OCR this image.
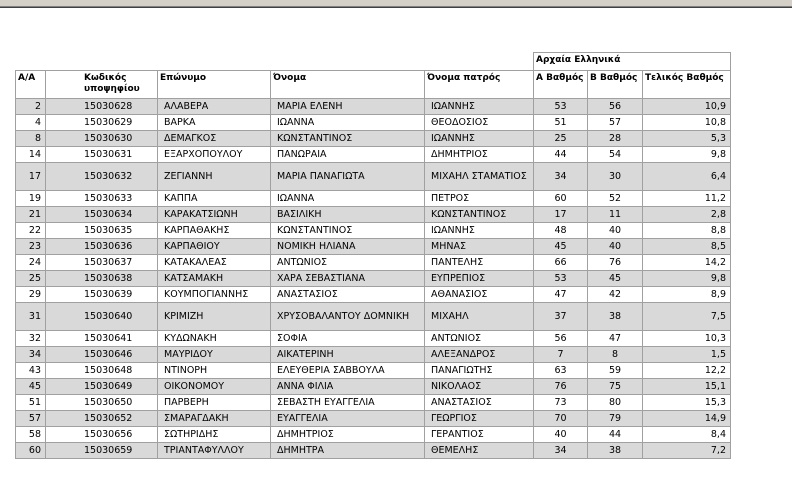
					Αρχαία Ελληνικά		
Α/Α	Κωδικός υποψηφίου	Επώνυμο	Όνομα	Όνομα πατρός	Α Βαθμός	Β Βαθμός	Τελικός Βαθμός
2	15030628	ΑΛΑΒΕΡΑ	ΜΑΡΙΑ ΕΛΕΝΗ	ΙΩΑΝΝΗΣ	53	56	10,9
4	15030629	ΒΑΡΚΑ	ΙΩΑΝΝΑ	ΘΕΟΔΟΣΙΟΣ	51	57	10,8
8	15030630	ΔΕΜΑΓΚΟΣ	ΚΩΝΣΤΑΝΤΙΝΟΣ	ΙΩΑΝΝΗΣ	25	28	5,3
14	15030631	ΕΞΑΡΧΟΠΟΥΛΟΥ	ΠΑΝΩΡΑΙΑ	ΔΗΜΗΤΡΙΟΣ	44	54	9,8
17	15030632	ΖΕΓΙΑΝΝΗ	ΜΑΡΙΑ ΠΑΝΑΓΙΩΤΑ	ΜΙΧΑΗΛ ΣΤΑΜΑΤΙΟΣ	34	30	6,4
19	15030633	ΚΑΠΠΑ	ΙΩΑΝΝΑ	ΠΕΤΡΟΣ	60	52	11,2
21	15030634	ΚΑΡΑΚΑΤΣΙΩΝΗ	ΒΑΣΙΛΙΚΗ	ΚΩΝΣΤΑΝΤΙΝΟΣ	17	11	2,8
22	15030635	ΚΑΡΠΑΘΑΚΗΣ	ΚΩΝΣΤΑΝΤΙΝΟΣ	ΙΩΑΝΝΗΣ	48	40	8,8
23	15030636	ΚΑΡΠΑΘΙΟΥ	ΝΟΜΙΚΗ ΗΛΙΑΝΑ	ΜΗΝΑΣ	45	40	8,5
24	15030637	ΚΑΤΑΚΑΛΕΑΣ	ΑΝΤΩΝΙΟΣ	ΠΑΝΤΕΛΗΣ	66	76	14,2
25	15030638	ΚΑΤΣΑΜΑΚΗ	ΧΑΡΑ ΣΕΒΑΣΤΙΑΝΑ	ΕΥΠΡΕΠΙΟΣ	53	45	9,8
29	15030639	ΚΟΥΜΠΟΓΙΑΝΝΗΣ	ΑΝΑΣΤΑΣΙΟΣ	ΑΘΑΝΑΣΙΟΣ	47	42	8,9
31	15030640	ΚΡΙΜΙΖΗ	ΧΡΥΣΟΒΑΛΑΝΤΟΥ ΔΟΜΝΙΚΗ	ΜΙΧΑΗΛ	37	38	7,5
32	15030641	ΚΥΔΩΝΑΚΗ	ΣΟΦΙΑ	ΑΝΤΩΝΙΟΣ	56	47	10,3
34	15030646	ΜΑΥΡΙΔΟΥ	ΑΙΚΑΤΕΡΙΝΗ	ΑΛΕΞΑΝΔΡΟΣ	7	8	1,5
43	15030648	ΝΤΙΝΟΡΗ	ΕΛΕΥΘΕΡΙΑ ΣΑΒΒΟΥΛΑ	ΠΑΝΑΓΙΩΤΗΣ	63	59	12,2
45	15030649	ΟΙΚΟΝΟΜΟΥ	ΑΝΝΑ ΦΙΛΙΑ	ΝΙΚΟΛΑΟΣ	76	75	15,1
51	15030650	ΠΑΡΒΕΡΗ	ΣΕΒΑΣΤΗ ΕΥΑΓΓΕΛΙΑ	ΑΝΑΣΤΑΣΙΟΣ	73	80	15,3
57	15030652	ΣΜΑΡΑΓΔΑΚΗ	ΕΥΑΓΓΕΛΙΑ	ΓΕΩΡΓΙΟΣ	70	79	14,9
58	15030656	ΣΩΤΗΡΙΔΗΣ	ΔΗΜΗΤΡΙΟΣ	ΓΕΡΑΝΤΙΟΣ	40	44	8,4
60	15030659	ΤΡΙΑΝΤΑΦΥΛΛΟΥ	ΔΗΜΗΤΡΑ	ΘΕΜΕΛΗΣ	34	38	7,2
